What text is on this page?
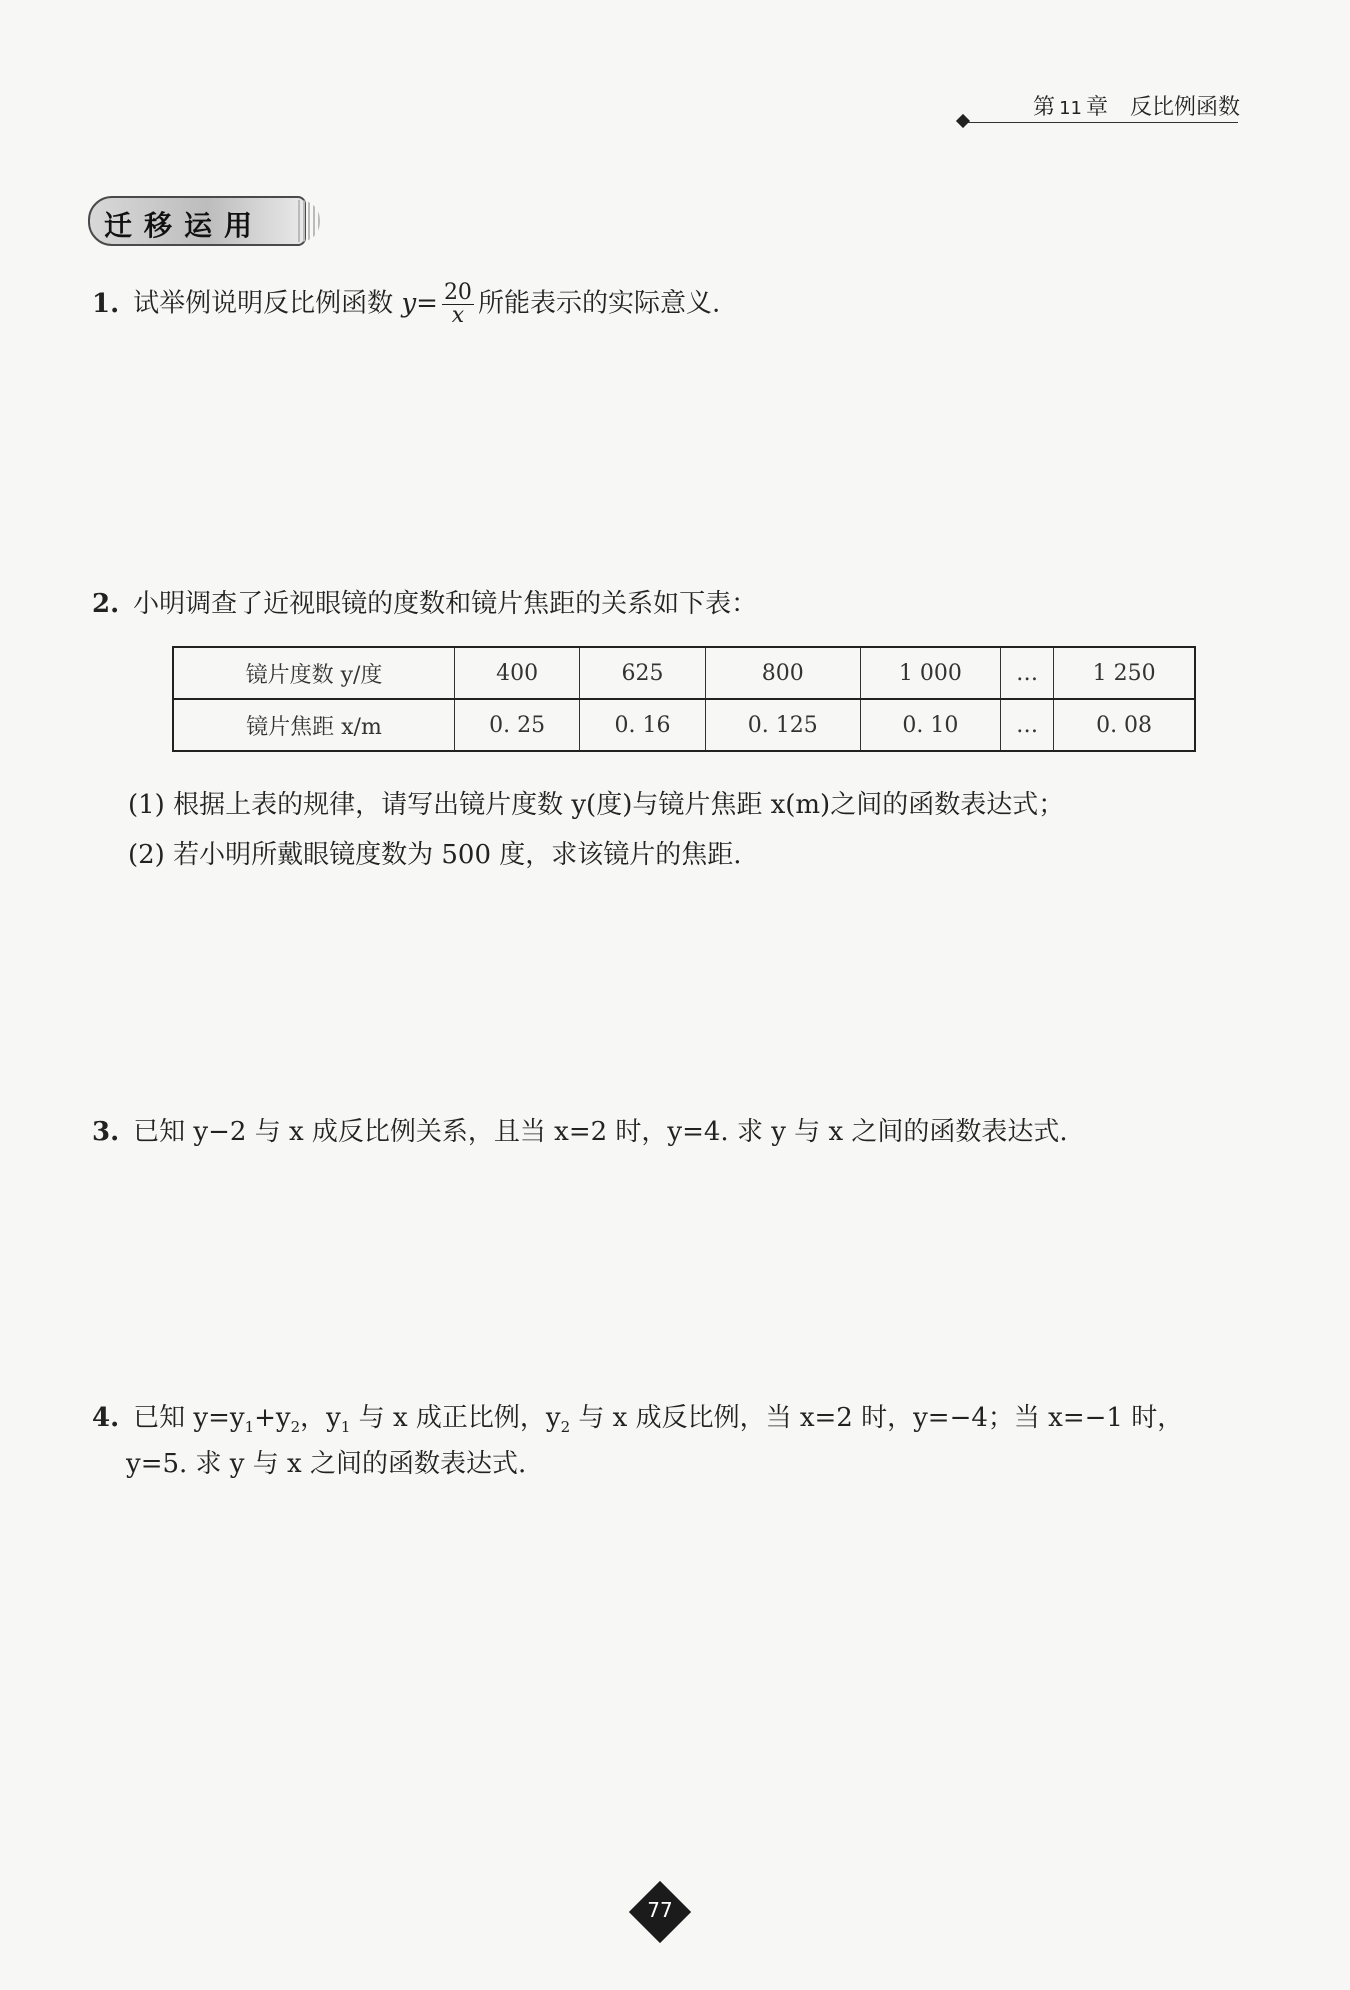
第 11 章 反比例函数
迁移运用
1. 试举例说明反比例函数 $y= \frac{20}{x}$ 所能表示的实际意义.
2. 小明调查了近视眼镜的度数和镜片焦距的关系如下表：
镜片度数 y/度	400	625	800	1 000	…	1 250
镜片焦距 x/m	0. 25	0. 16	0. 125	0. 10	…	0. 08
(1) 根据上表的规律，请写出镜片度数 y(度)与镜片焦距 x(m)之间的函数表达式；
(2) 若小明所戴眼镜度数为 500 度，求该镜片的焦距.
3. 已知 y−2 与 x 成反比例关系，且当 x=2 时，y=4. 求 y 与 x 之间的函数表达式.
4. 已知 $y=y_1+y_2$，$y_1$ 与 x 成正比例，$y_2$ 与 x 成反比例，当 x=2 时，y=−4；当 x=−1 时，
y=5. 求 y 与 x 之间的函数表达式.
77
